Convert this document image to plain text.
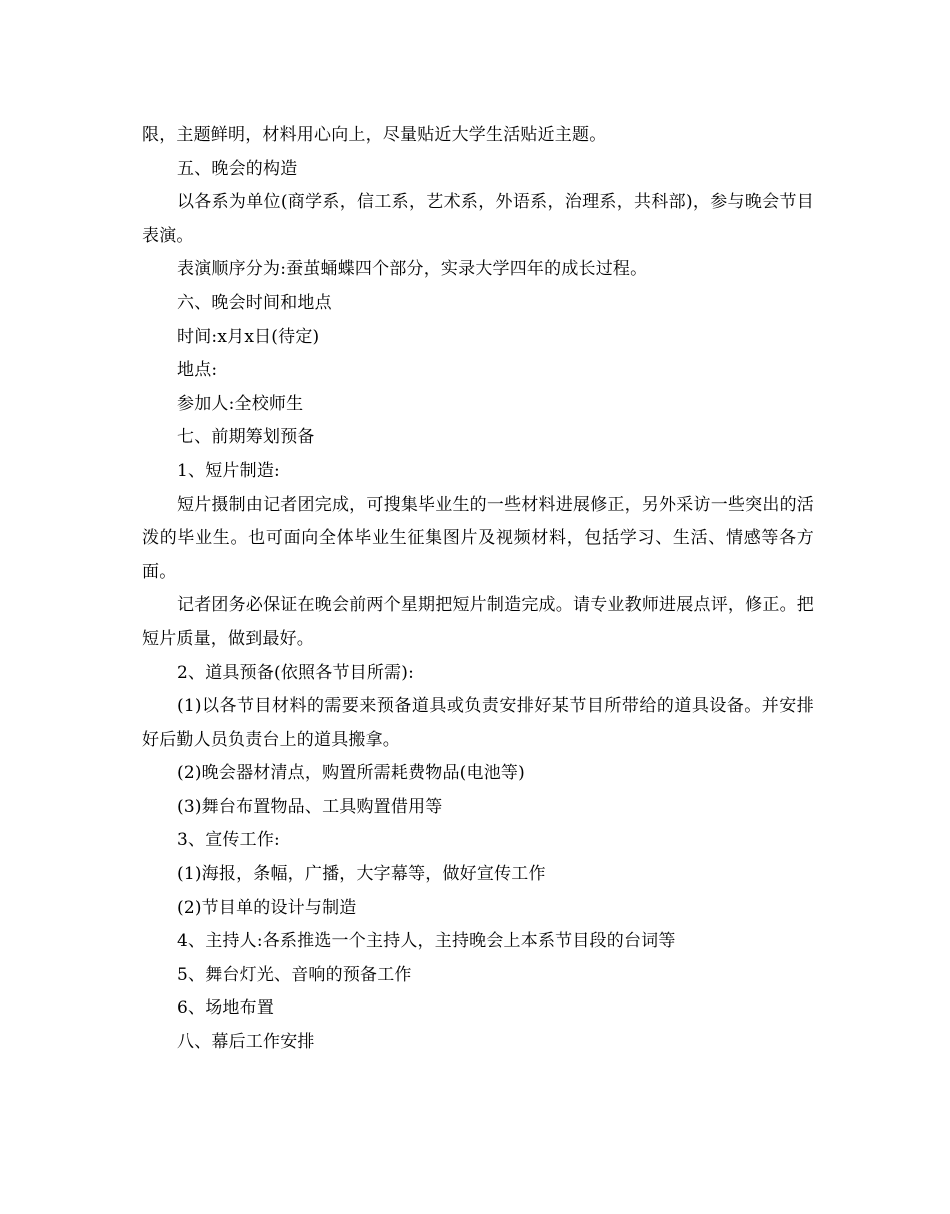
限，主题鲜明，材料用心向上，尽量贴近大学生活贴近主题。

五、晚会的构造

以各系为单位(商学系，信工系，艺术系，外语系，治理系，共科部)，参与晚会节目表演。

表演顺序分为:蚕茧蛹蝶四个部分，实录大学四年的成长过程。

六、晚会时间和地点

时间:x月x日(待定)

地点:

参加人:全校师生

七、前期筹划预备

1、短片制造:

短片摄制由记者团完成，可搜集毕业生的一些材料进展修正，另外采访一些突出的活泼的毕业生。也可面向全体毕业生征集图片及视频材料，包括学习、生活、情感等各方面。

记者团务必保证在晚会前两个星期把短片制造完成。请专业教师进展点评，修正。把短片质量，做到最好。

2、道具预备(依照各节目所需):

(1)以各节目材料的需要来预备道具或负责安排好某节目所带给的道具设备。并安排好后勤人员负责台上的道具搬拿。

(2)晚会器材清点，购置所需耗费物品(电池等)

(3)舞台布置物品、工具购置借用等

3、宣传工作:

(1)海报，条幅，广播，大字幕等，做好宣传工作

(2)节目单的设计与制造

4、主持人:各系推选一个主持人，主持晚会上本系节目段的台词等

5、舞台灯光、音响的预备工作

6、场地布置

八、幕后工作安排
